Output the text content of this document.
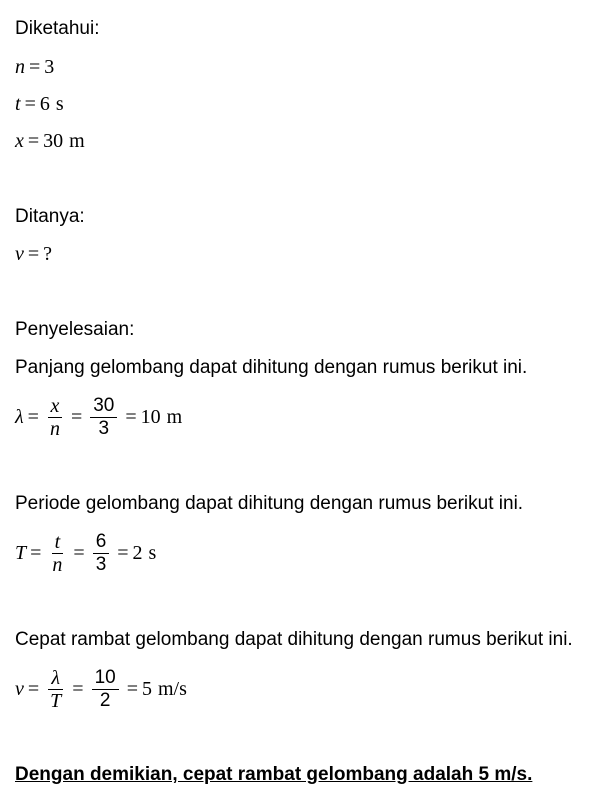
Diketahui:
n = 3
t = 6 s
x = 30 m
Ditanya:
v = ?
Penyelesaian:
Panjang gelombang dapat dihitung dengan rumus berikut ini.
$\lambda = \frac{x}{n} = \frac{30}{3} = 10$ m
Periode gelombang dapat dihitung dengan rumus berikut ini.
$T = \frac{t}{n} = \frac{6}{3} = 2$ s
Cepat rambat gelombang dapat dihitung dengan rumus berikut ini.
$v = \frac{\lambda}{T} = \frac{10}{2} = 5$ m/s
Dengan demikian, cepat rambat gelombang adalah 5 m/s.
